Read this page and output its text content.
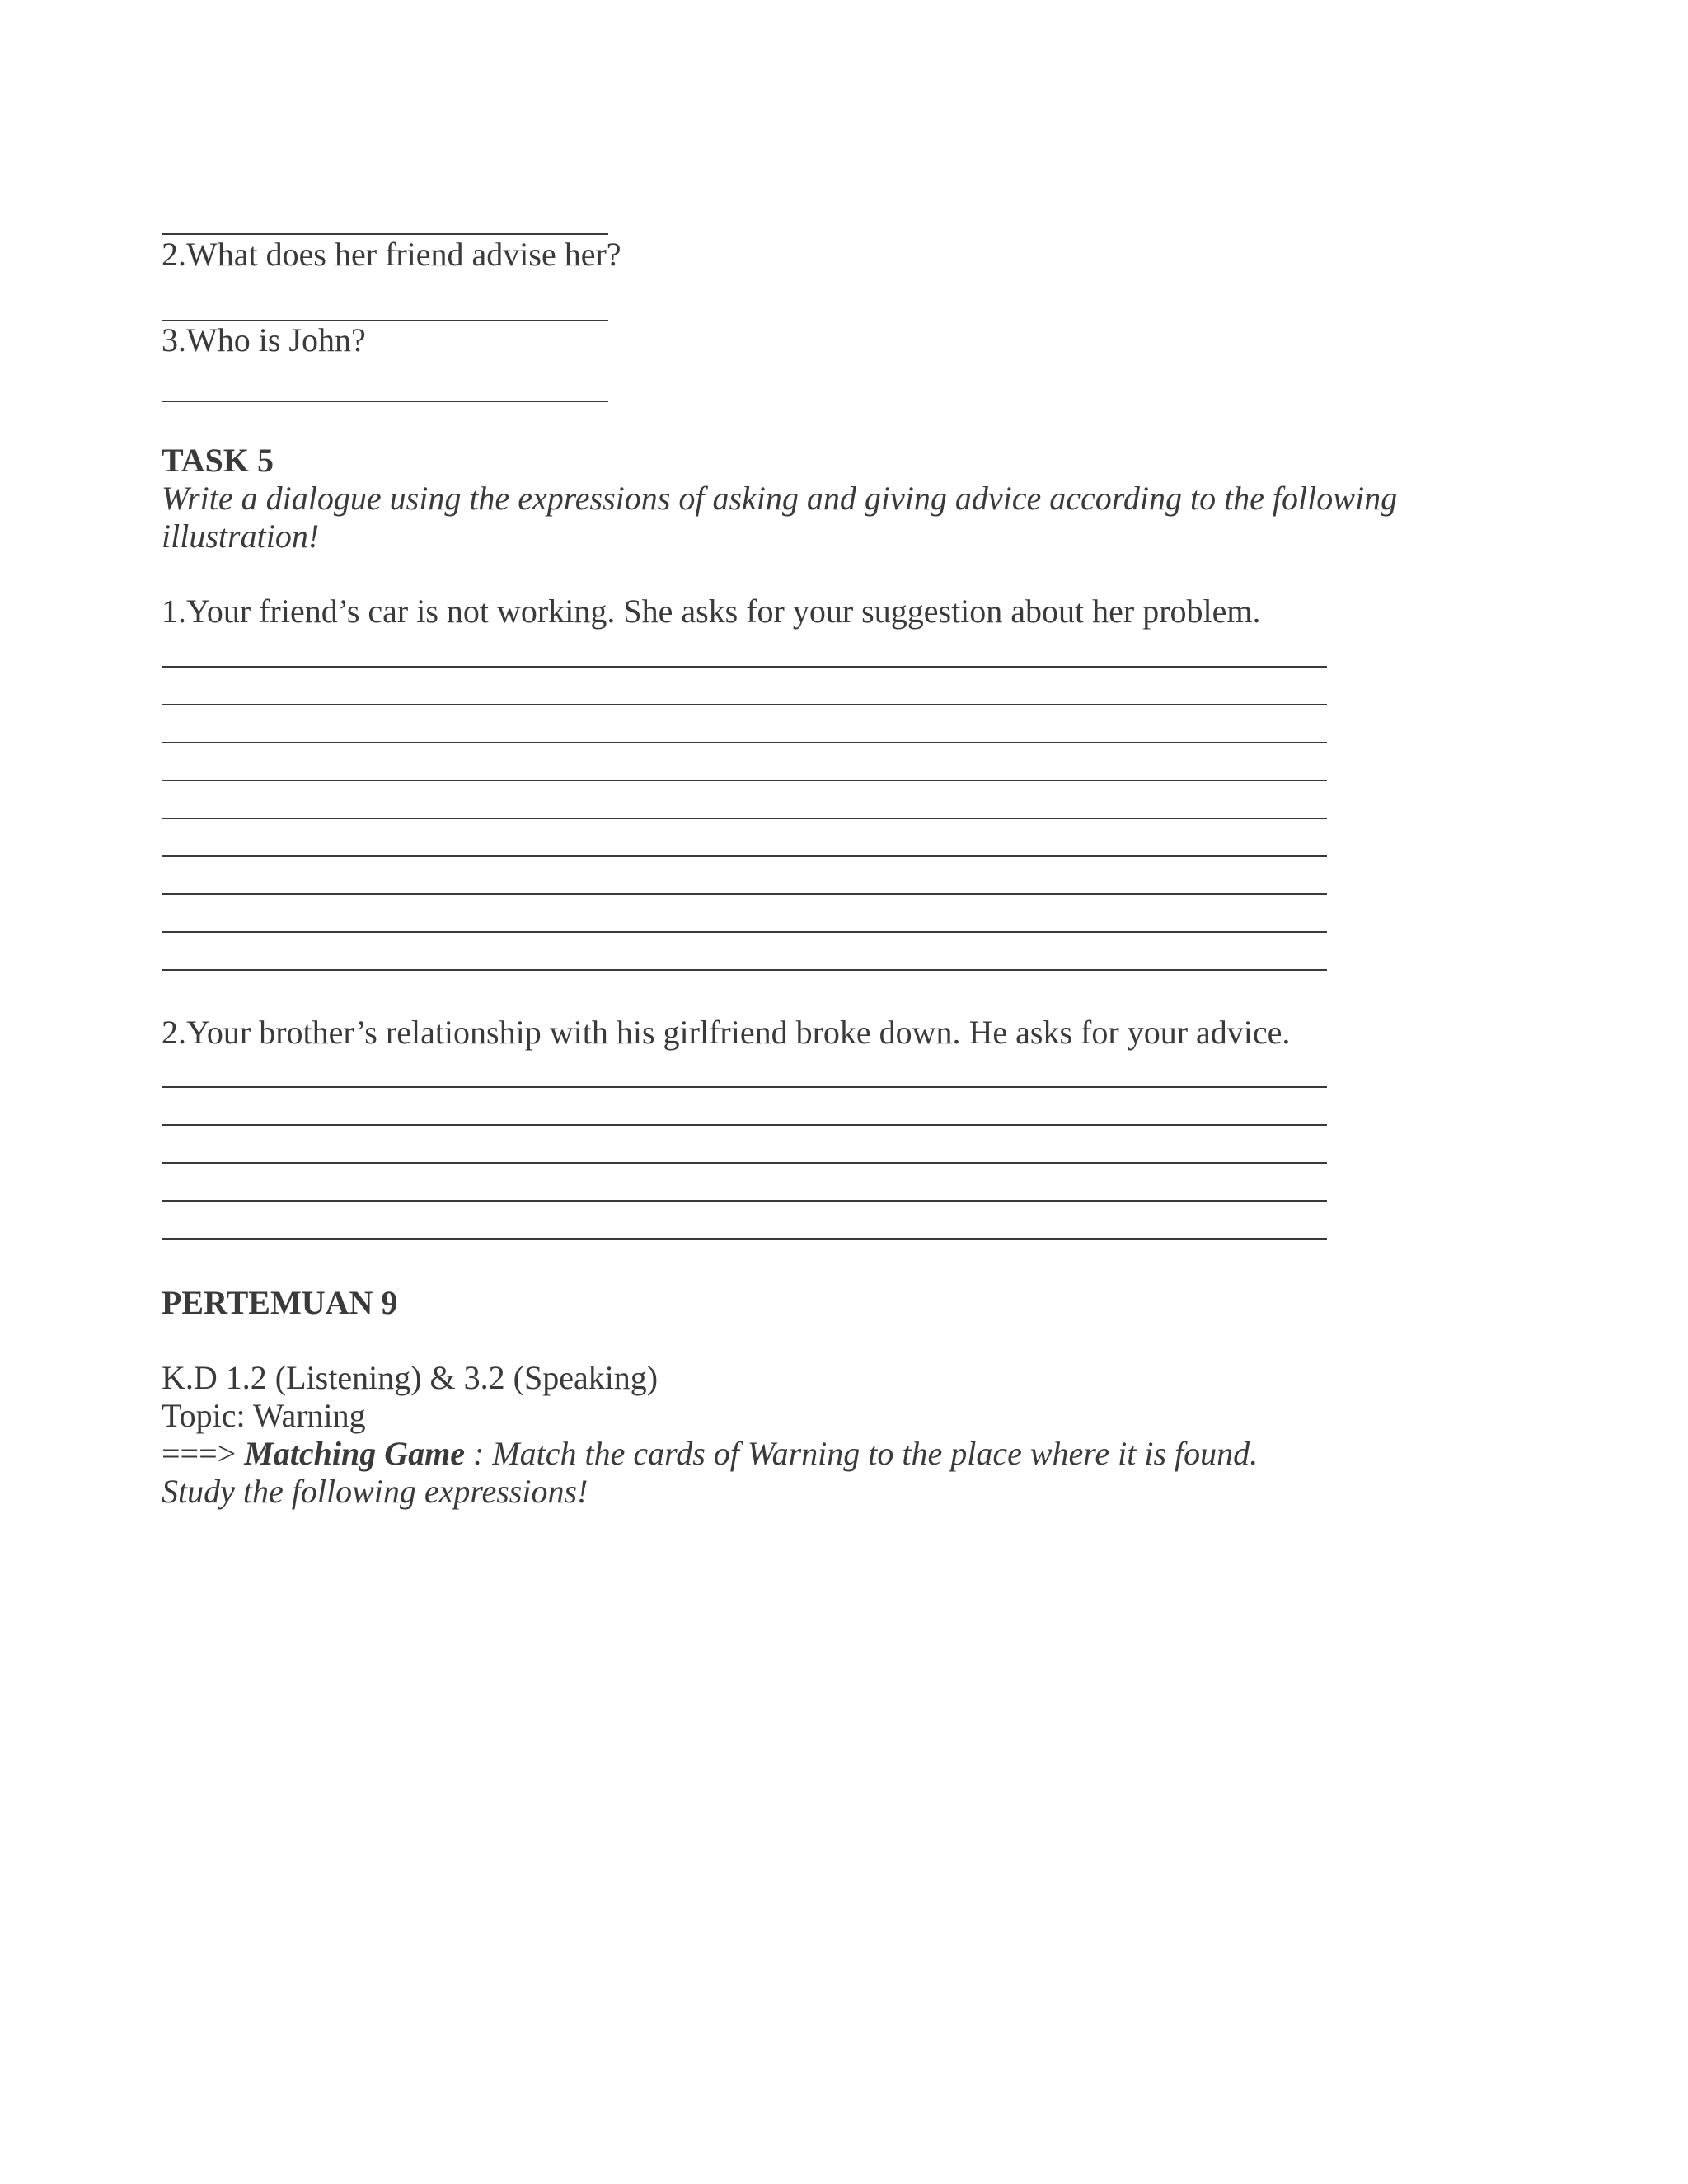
2.What does her friend advise her?
3.Who is John?
TASK 5
Write a dialogue using the expressions of asking and giving advice according to the following
illustration!
1.Your friend’s car is not working. She asks for your suggestion about her problem.
2.Your brother’s relationship with his girlfriend broke down. He asks for your advice.
PERTEMUAN 9
K.D 1.2 (Listening) & 3.2 (Speaking)
Topic: Warning
===> Matching Game : Match the cards of Warning to the place where it is found.
Study the following expressions!
